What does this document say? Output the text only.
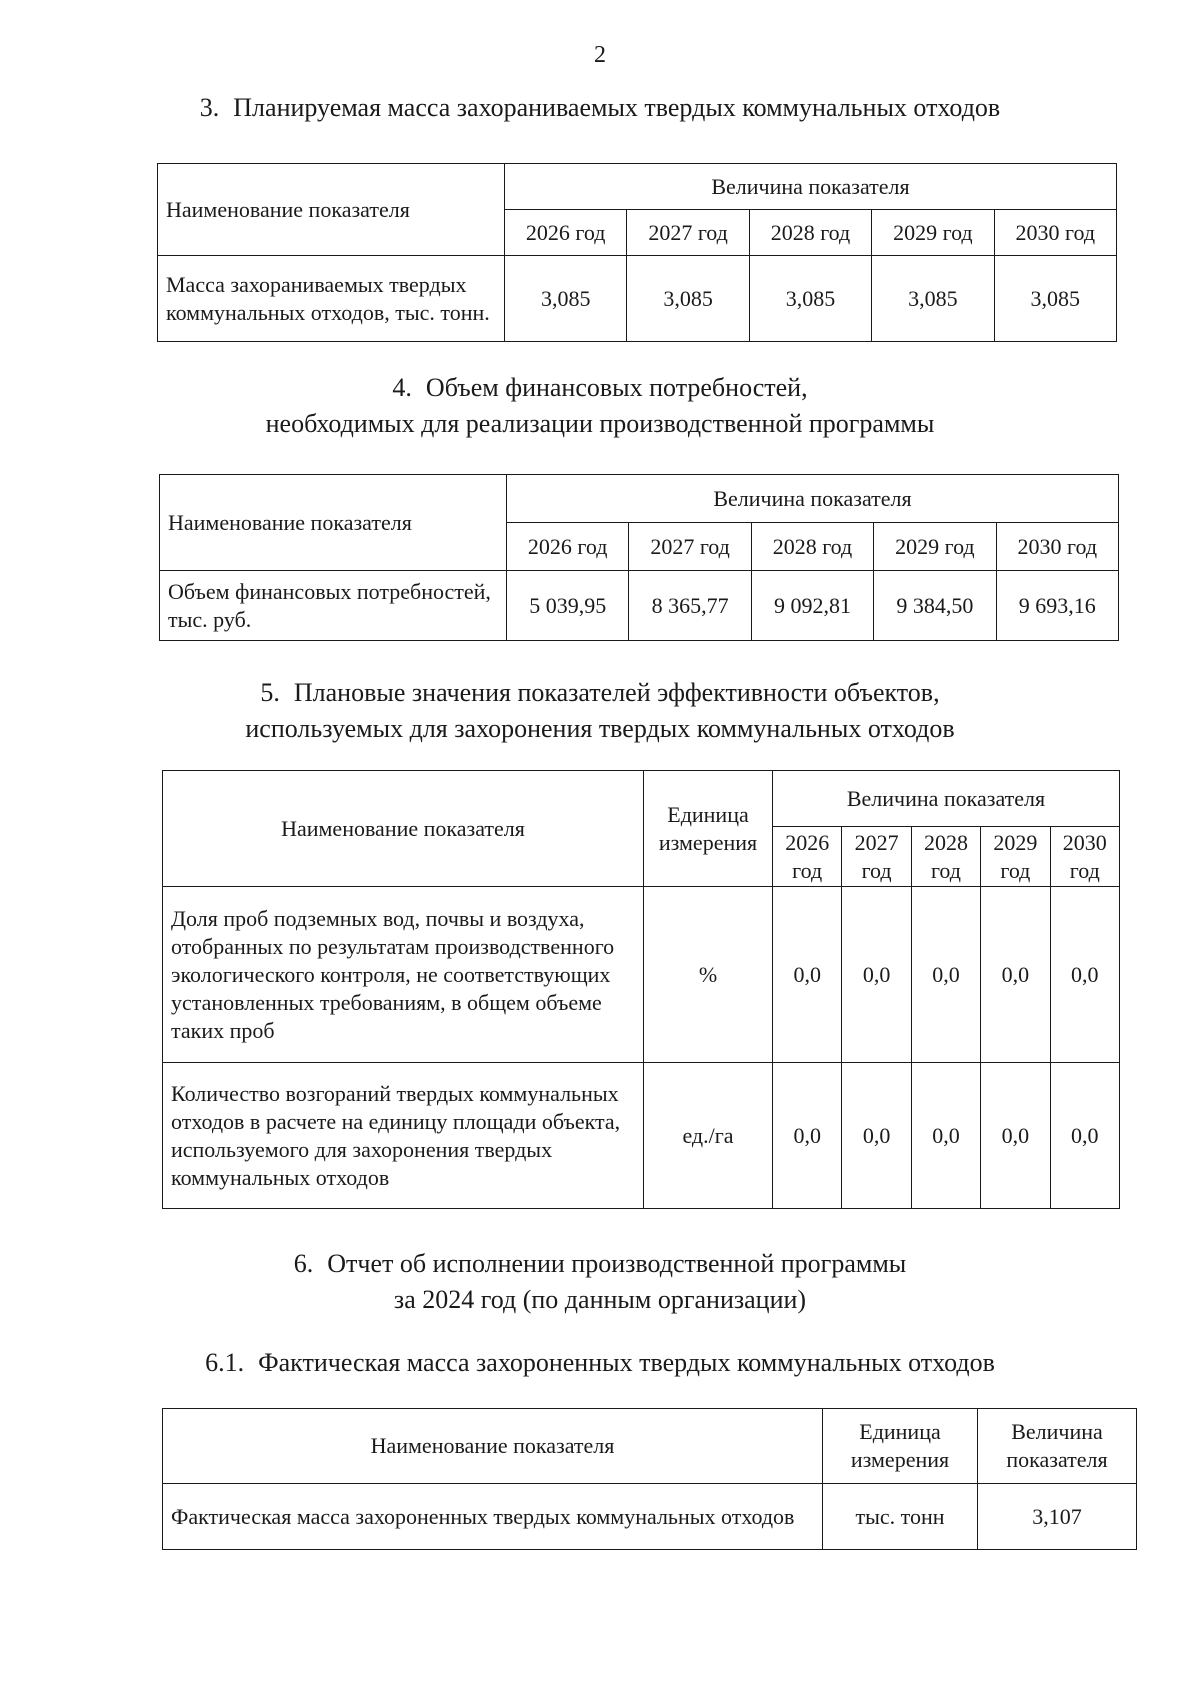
2
3. Планируемая масса захораниваемых твердых коммунальных отходов
Наименование показателя	Величина показателя				
	2026 год	2027 год	2028 год	2029 год	2030 год
Масса захораниваемых твердых коммунальных отходов, тыс. тонн.	3,085	3,085	3,085	3,085	3,085
4. Объем финансовых потребностей,
необходимых для реализации производственной программы
Наименование показателя	Величина показателя				
	2026 год	2027 год	2028 год	2029 год	2030 год
Объем финансовых потребностей, тыс. руб.	5 039,95	8 365,77	9 092,81	9 384,50	9 693,16
5. Плановые значения показателей эффективности объектов,
используемых для захоронения твердых коммунальных отходов
Наименование показателя	Единица измерения	Величина показателя				
		2026 год	2027 год	2028 год	2029 год	2030 год
Доля проб подземных вод, почвы и воздуха, отобранных по результатам производственного экологического контроля, не соответствующих установленных требованиям, в общем объеме таких проб	%	0,0	0,0	0,0	0,0	0,0
Количество возгораний твердых коммунальных отходов в расчете на единицу площади объекта, используемого для захоронения твердых коммунальных отходов	ед./га	0,0	0,0	0,0	0,0	0,0
6. Отчет об исполнении производственной программы
за 2024 год (по данным организации)
6.1. Фактическая масса захороненных твердых коммунальных отходов
Наименование показателя	Единица измерения	Величина показателя
Фактическая масса захороненных твердых коммунальных отходов	тыс. тонн	3,107
